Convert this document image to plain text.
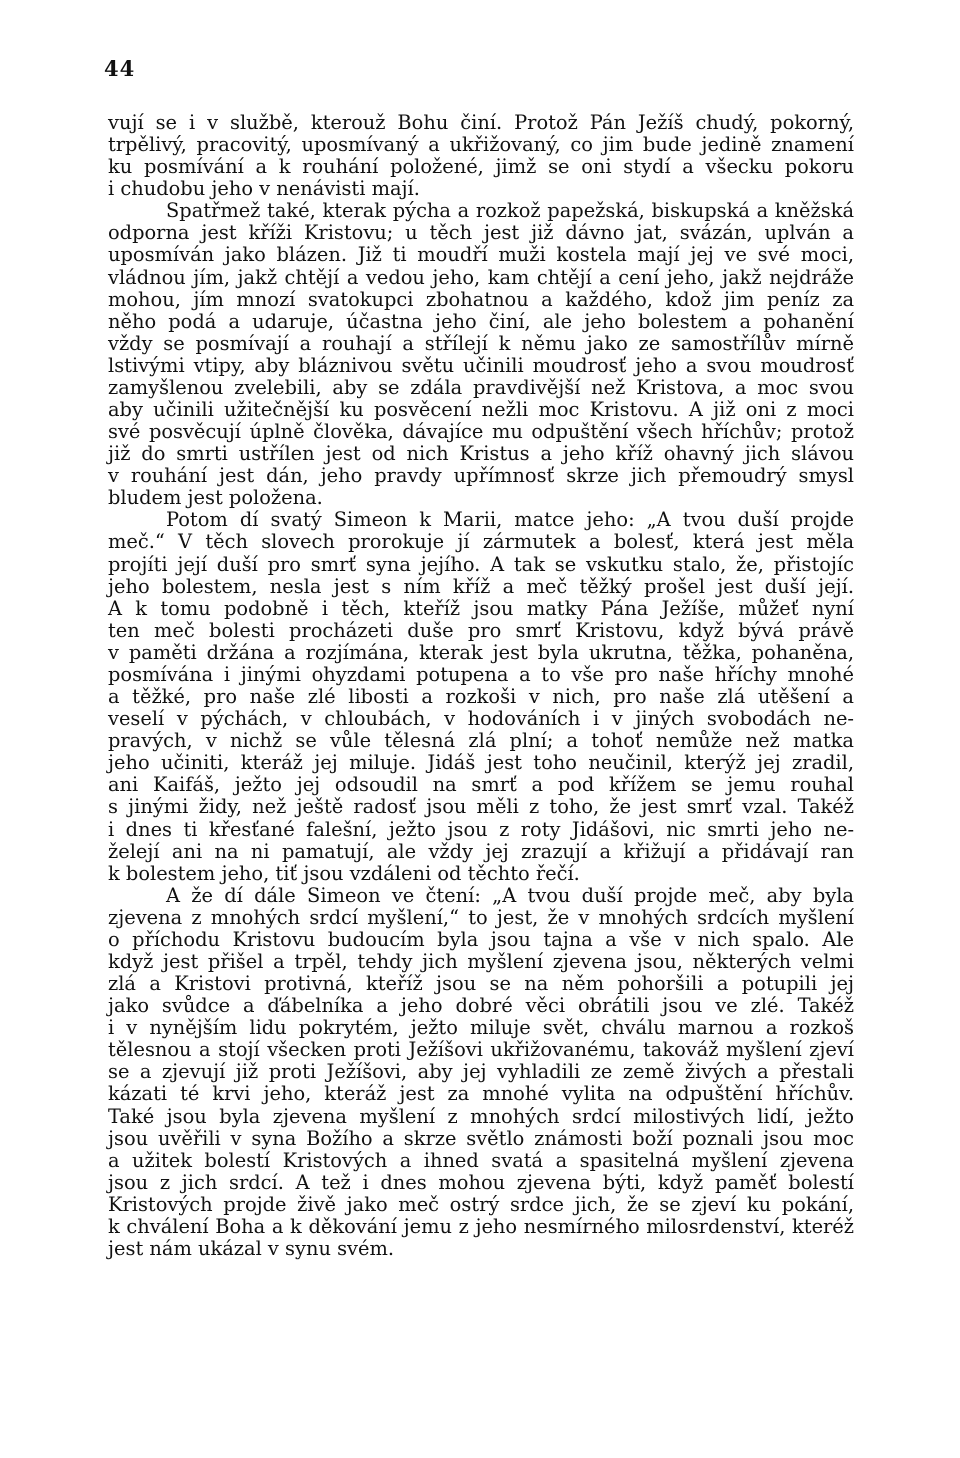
44
vují se i v službě, kterouž Bohu činí. Protož Pán Ježíš chudý, pokorný,
trpělivý, pracovitý, uposmívaný a ukřižovaný, co jim bude jedině znamení
ku posmívání a k rouhání položené, jimž se oni stydí a všecku pokoru
i chudobu jeho v nenávisti mají.
Spatřmež také, kterak pýcha a rozkož papežská, biskupská a kněžská
odporna jest kříži Kristovu; u těch jest již dávno jat, svázán, uplván a
uposmíván jako blázen. Již ti moudří muži kostela mají jej ve své moci,
vládnou jím, jakž chtějí a vedou jeho, kam chtějí a cení jeho, jakž nejdráže
mohou, jím mnozí svatokupci zbohatnou a každého, kdož jim peníz za
něho podá a udaruje, účastna jeho činí, ale jeho bolestem a pohanění
vždy se posmívají a rouhají a střílejí k němu jako ze samostřílův mírně
lstivými vtipy, aby bláznivou světu učinili moudrosť jeho a svou moudrosť
zamyšlenou zvelebili, aby se zdála pravdivější než Kristova, a moc svou
aby učinili užitečnější ku posvěcení nežli moc Kristovu. A již oni z moci
své posvěcují úplně člověka, dávajíce mu odpuštění všech hříchův; protož
již do smrti ustřílen jest od nich Kristus a jeho kříž ohavný jich slávou
v rouhání jest dán, jeho pravdy upřímnosť skrze jich přemoudrý smysl
bludem jest položena.
Potom dí svatý Simeon k Marii, matce jeho: „A tvou duší projde
meč.“ V těch slovech prorokuje jí zármutek a bolesť, která jest měla
projíti její duší pro smrť syna jejího. A tak se vskutku stalo, že, přistojíc
jeho bolestem, nesla jest s ním kříž a meč těžký prošel jest duší její.
A k tomu podobně i těch, kteříž jsou matky Pána Ježíše, můžeť nyní
ten meč bolesti procházeti duše pro smrť Kristovu, když bývá právě
v paměti držána a rozjímána, kterak jest byla ukrutna, těžka, pohaněna,
posmívána i jinými ohyzdami potupena a to vše pro naše hříchy mnohé
a těžké, pro naše zlé libosti a rozkoši v nich, pro naše zlá utěšení a
veselí v pýchách, v chloubách, v hodováních i v jiných svobodách ne-
pravých, v nichž se vůle tělesná zlá plní; a tohoť nemůže než matka
jeho učiniti, kteráž jej miluje. Jidáš jest toho neučinil, kterýž jej zradil,
ani Kaifáš, ježto jej odsoudil na smrť a pod křížem se jemu rouhal
s jinými židy, než ještě radosť jsou měli z toho, že jest smrť vzal. Takéž
i dnes ti křesťané falešní, ježto jsou z roty Jidášovi, nic smrti jeho ne-
želejí ani na ni pamatují, ale vždy jej zrazují a křižují a přidávají ran
k bolestem jeho, tiť jsou vzdáleni od těchto řečí.
A že dí dále Simeon ve čtení: „A tvou duší projde meč, aby byla
zjevena z mnohých srdcí myšlení,“ to jest, že v mnohých srdcích myšlení
o příchodu Kristovu budoucím byla jsou tajna a vše v nich spalo. Ale
když jest přišel a trpěl, tehdy jich myšlení zjevena jsou, některých velmi
zlá a Kristovi protivná, kteříž jsou se na něm pohoršili a potupili jej
jako svůdce a ďábelníka a jeho dobré věci obrátili jsou ve zlé. Takéž
i v nynějším lidu pokrytém, ježto miluje svět, chválu marnou a rozkoš
tělesnou a stojí všecken proti Ježíšovi ukřižovanému, takováž myšlení zjeví
se a zjevují již proti Ježíšovi, aby jej vyhladili ze země živých a přestali
kázati té krvi jeho, kteráž jest za mnohé vylita na odpuštění hříchův.
Také jsou byla zjevena myšlení z mnohých srdcí milostivých lidí, ježto
jsou uvěřili v syna Božího a skrze světlo známosti boží poznali jsou moc
a užitek bolestí Kristových a ihned svatá a spasitelná myšlení zjevena
jsou z jich srdcí. A tež i dnes mohou zjevena býti, když paměť bolestí
Kristových projde živě jako meč ostrý srdce jich, že se zjeví ku pokání,
k chválení Boha a k děkování jemu z jeho nesmírného milosrdenství, kteréž
jest nám ukázal v synu svém.
